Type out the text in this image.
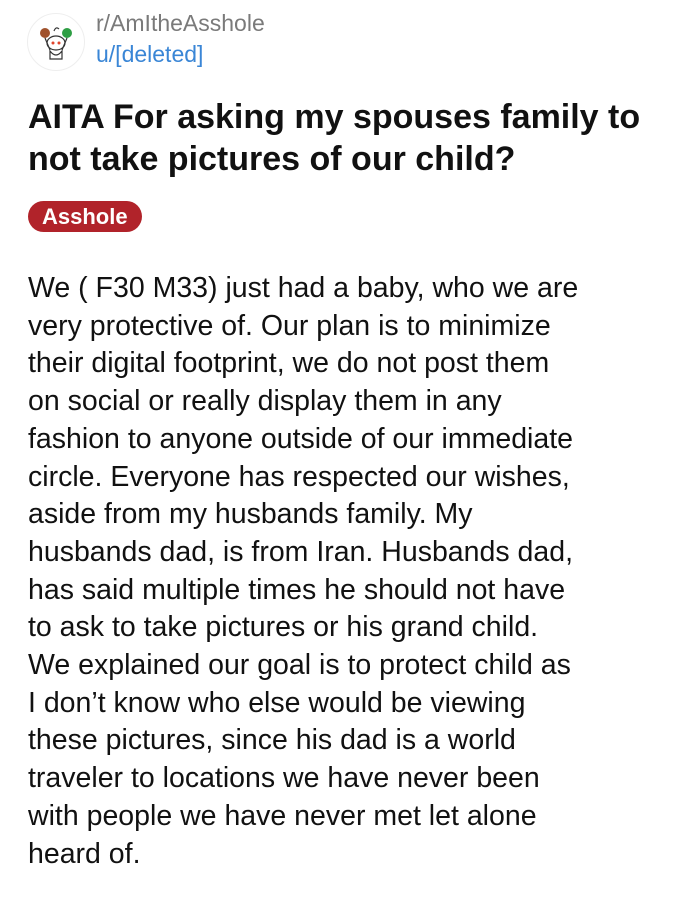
r/AmItheAsshole
u/[deleted]
AITA For asking my spouses family to not take pictures of our child?
Asshole
We ( F30 M33) just had a baby, who we are
very protective of. Our plan is to minimize
their digital footprint, we do not post them
on social or really display them in any
fashion to anyone outside of our immediate
circle. Everyone has respected our wishes,
aside from my husbands family. My
husbands dad, is from Iran. Husbands dad,
has said multiple times he should not have
to ask to take pictures or his grand child.
We explained our goal is to protect child as
I don’t know who else would be viewing
these pictures, since his dad is a world
traveler to locations we have never been
with people we have never met let alone
heard of.
